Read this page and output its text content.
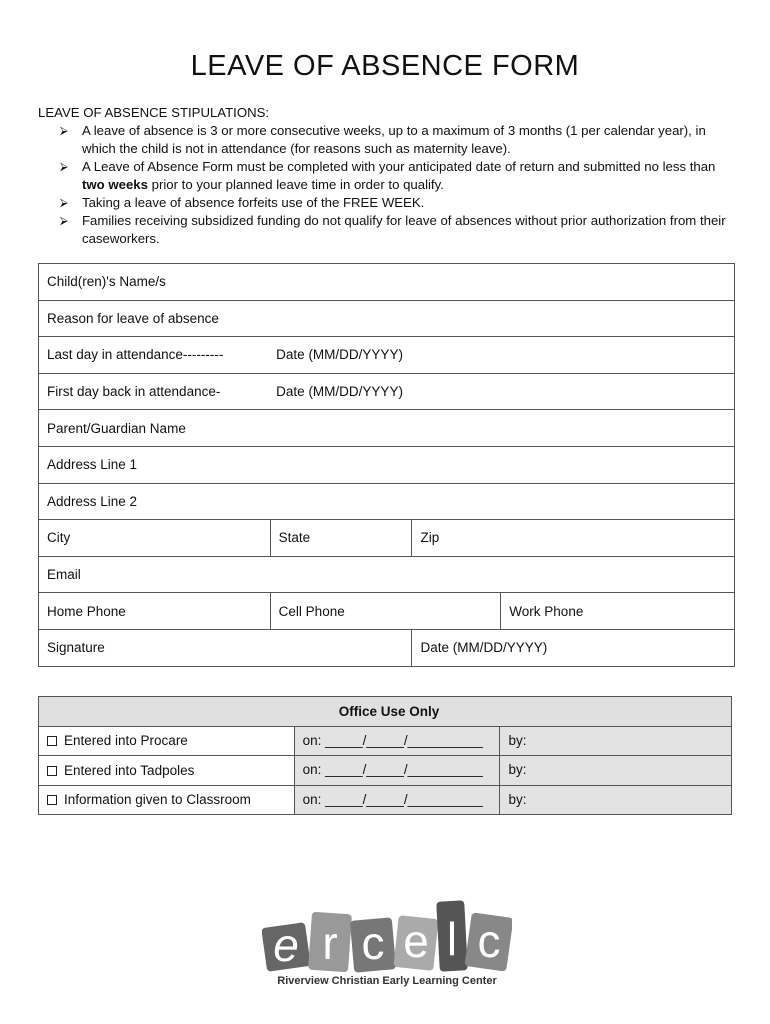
LEAVE OF ABSENCE FORM
LEAVE OF ABSENCE STIPULATIONS:
⮚ A leave of absence is 3 or more consecutive weeks, up to a maximum of 3 months (1 per calendar year), in which the child is not in attendance (for reasons such as maternity leave).
⮚ A Leave of Absence Form must be completed with your anticipated date of return and submitted no less than two weeks prior to your planned leave time in order to qualify.
⮚ Taking a leave of absence forfeits use of the FREE WEEK.
⮚ Families receiving subsidized funding do not qualify for leave of absences without prior authorization from their caseworkers.
Child(ren)'s Name/s			
Reason for leave of absence			
Last day in attendance---------	Date (MM/DD/YYYY)		
First day back in attendance-	Date (MM/DD/YYYY)		
Parent/Guardian Name			
Address Line 1			
Address Line 2			
City	State	Zip	
Email			
Home Phone	Cell Phone		Work Phone
Signature		Date (MM/DD/YYYY)	
Office Use Only		
Entered into Procare	on: _____/_____/__________	by:
Entered into Tadpoles	on: _____/_____/__________	by:
Information given to Classroom	on: _____/_____/__________	by:
e r c e l c
Riverview Christian Early Learning Center
